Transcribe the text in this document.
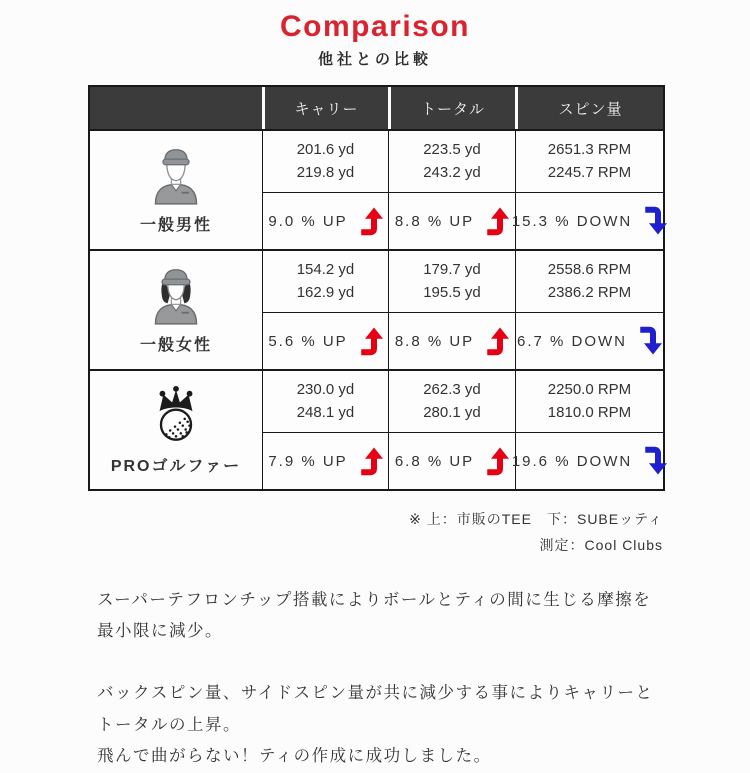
Comparison
他社との比較
キャリー	トータル	スピン量
一般男性
201.6 yd
219.8 yd
9.0 % UP
223.5 yd
243.2 yd
8.8 % UP
2651.3 RPM
2245.7 RPM
15.3 % DOWN
一般女性
154.2 yd
162.9 yd
5.6 % UP
179.7 yd
195.5 yd
8.8 % UP
2558.6 RPM
2386.2 RPM
6.7 % DOWN
PROゴルファー
230.0 yd
248.1 yd
7.9 % UP
262.3 yd
280.1 yd
6.8 % UP
2250.0 RPM
1810.0 RPM
19.6 % DOWN
※ 上：市販のTEE　下：SUBEッティ
測定：Cool Clubs
スーパーテフロンチップ搭載によりボールとティの間に生じる摩擦を最小限に減少。
バックスピン量、サイドスピン量が共に減少する事によりキャリーとトータルの上昇。
飛んで曲がらない！ティの作成に成功しました。
